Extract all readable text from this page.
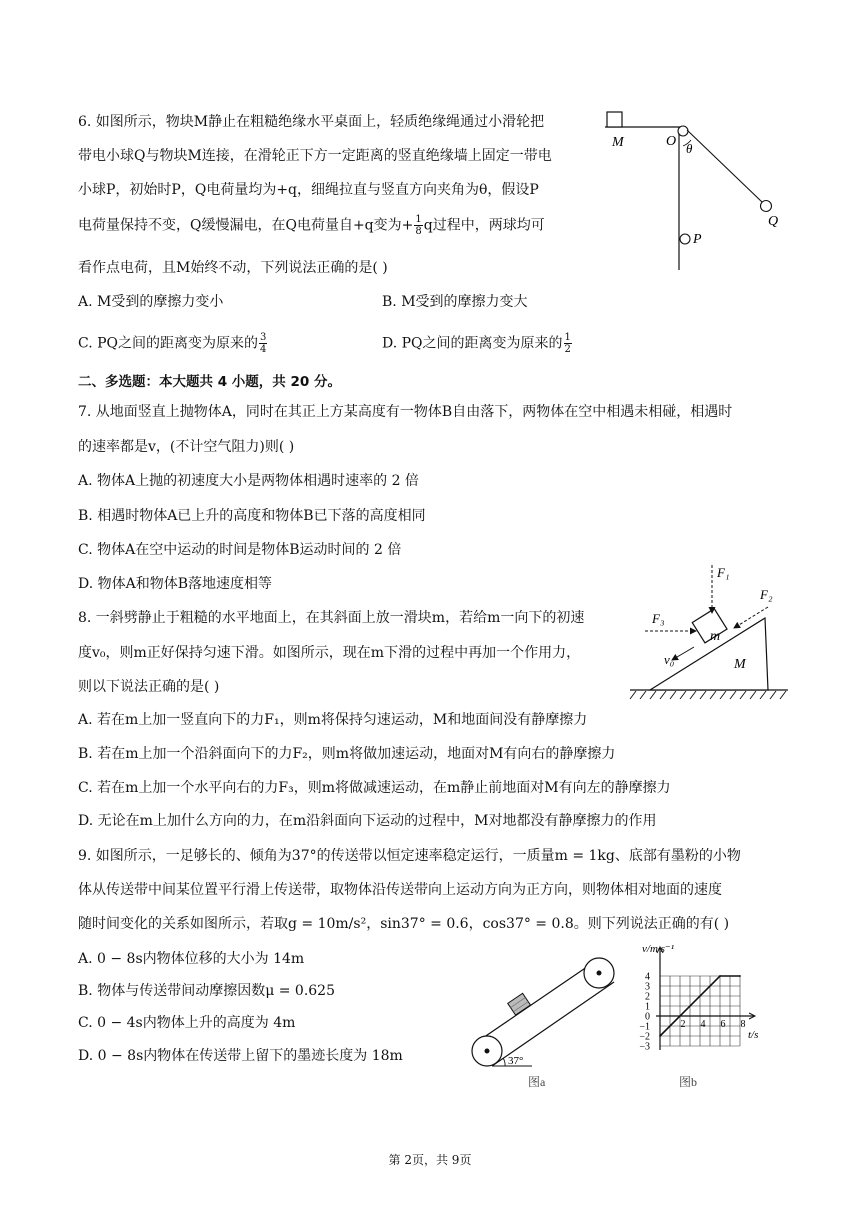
6. 如图所示，物块M静止在粗糙绝缘水平桌面上，轻质绝缘绳通过小滑轮把
带电小球Q与物块M连接，在滑轮正下方一定距离的竖直绝缘墙上固定一带电
小球P，初始时P，Q电荷量均为+q，细绳拉直与竖直方向夹角为θ，假设P
电荷量保持不变，Q缓慢漏电，在Q电荷量自+q变为+ $\frac{1}{8}$ q过程中，两球均可
看作点电荷，且M始终不动，下列说法正确的是( )
A. M受到的摩擦力变小	B. M受到的摩擦力变大
C. PQ之间的距离变为原来的 $\frac{3}{4}$	D. PQ之间的距离变为原来的 $\frac{1}{2}$
M	O θ
Q
P
二、多选题：本大题共 4 小题，共 20 分。
7. 从地面竖直上抛物体A，同时在其正上方某高度有一物体B自由落下，两物体在空中相遇未相碰，相遇时
的速率都是v，(不计空气阻力)则( )
A. 物体A上抛的初速度大小是两物体相遇时速率的 2 倍
B. 相遇时物体A已上升的高度和物体B已下落的高度相同
C. 物体A在空中运动的时间是物体B运动时间的 2 倍
D. 物体A和物体B落地速度相等
8. 一斜劈静止于粗糙的水平地面上，在其斜面上放一滑块m，若给m一向下的初速
度v₀，则m正好保持匀速下滑。如图所示，现在m下滑的过程中再加一个作用力，
则以下说法正确的是( )
A. 若在m上加一竖直向下的力F₁，则m将保持匀速运动，M和地面间没有静摩擦力
B. 若在m上加一个沿斜面向下的力F₂，则m将做加速运动，地面对M有向右的静摩擦力
C. 若在m上加一个水平向右的力F₃，则m将做减速运动，在m静止前地面对M有向左的静摩擦力
D. 无论在m上加什么方向的力，在m沿斜面向下运动的过程中，M对地都没有静摩擦力的作用
m
M
F₁
F₂
F₃
v₀
9. 如图所示，一足够长的、倾角为37°的传送带以恒定速率稳定运行，一质量m = 1kg、底部有墨粉的小物
体从传送带中间某位置平行滑上传送带，取物体沿传送带向上运动方向为正方向，则物体相对地面的速度
随时间变化的关系如图所示，若取g = 10m/s²，sin37° = 0.6，cos37° = 0.8。则下列说法正确的有( )
A. 0 − 8s内物体位移的大小为 14m
B. 物体与传送带间动摩擦因数μ = 0.625
C. 0 − 4s内物体上升的高度为 4m
D. 0 − 8s内物体在传送带上留下的墨迹长度为 18m	37°
图a
4
3
2
1
0
−1
−2
−3
2 4 6 8
v/m·s⁻¹
t/s
图b
第 2页，共 9页
